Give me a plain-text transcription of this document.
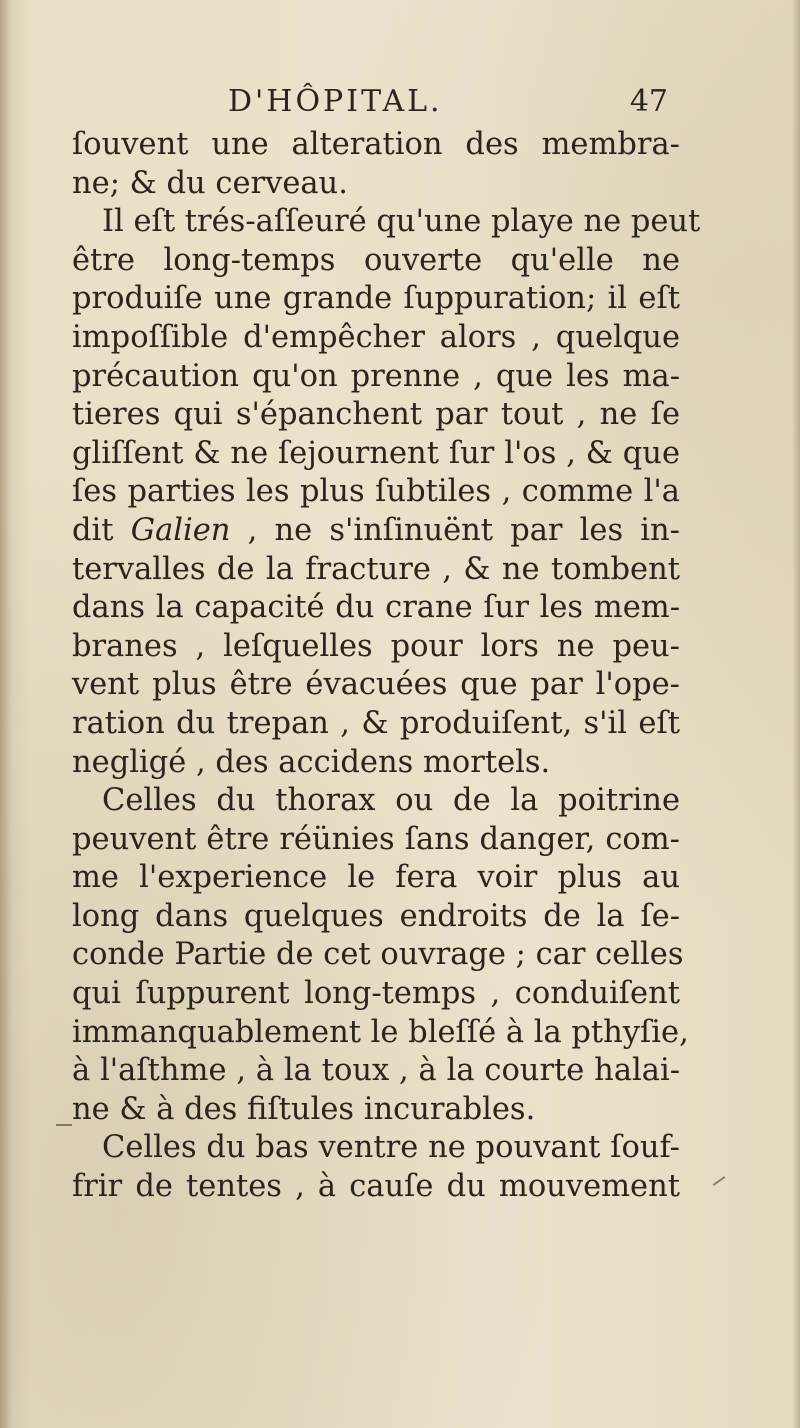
D'HÔPITAL.	47
ſouvent une alteration des membra-
ne; & du cerveau.
Il eſt trés-aſſeuré qu'une playe ne peut
être long-temps ouverte qu'elle ne
produiſe une grande ſuppuration; il eſt
impoſſible d'empêcher alors , quelque
précaution qu'on prenne , que les ma-
tieres qui s'épanchent par tout , ne ſe
gliſſent & ne ſejournent ſur l'os , & que
ſes parties les plus ſubtiles , comme l'a
dit Galien , ne s'inſinuënt par les in-
tervalles de la fracture , & ne tombent
dans la capacité du crane ſur les mem-
branes , leſquelles pour lors ne peu-
vent plus être évacuées que par l'ope-
ration du trepan , & produiſent, s'il eſt
negligé , des accidens mortels.
Celles du thorax ou de la poitrine
peuvent être réünies ſans danger, com-
me l'experience le fera voir plus au
long dans quelques endroits de la ſe-
conde Partie de cet ouvrage ; car celles
qui ſuppurent long-temps , conduiſent
immanquablement le bleſſé à la pthyſie,
à l'aſthme , à la toux , à la courte halai-
ne & à des fiſtules incurables.
Celles du bas ventre ne pouvant ſouf-
frir de tentes , à cauſe du mouvement
